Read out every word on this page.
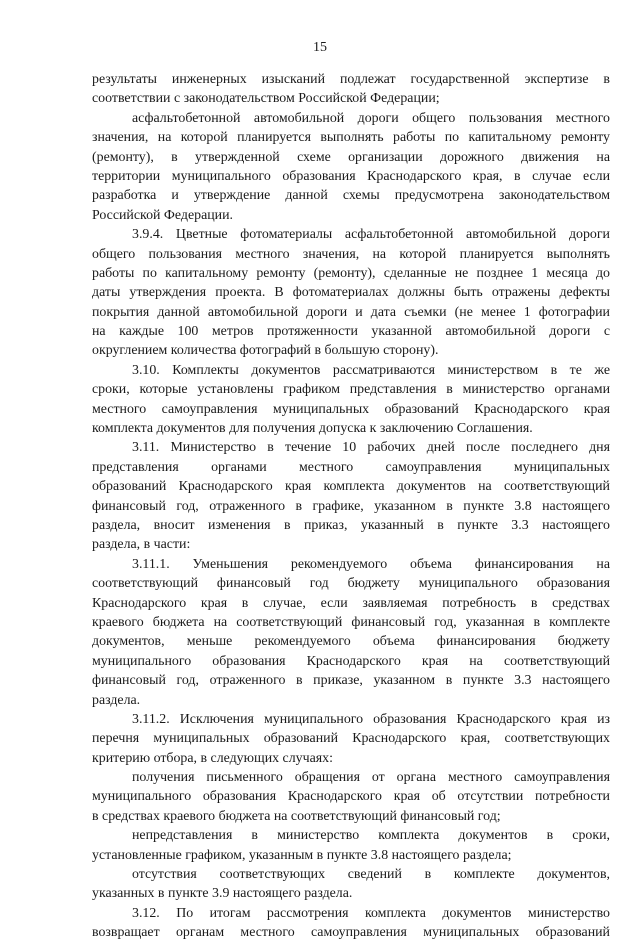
15
результаты инженерных изысканий подлежат государственной экспертизе в
соответствии с законодательством Российской Федерации;
асфальтобетонной автомобильной дороги общего пользования местного
значения, на которой планируется выполнять работы по капитальному ремонту
(ремонту), в утвержденной схеме организации дорожного движения на
территории муниципального образования Краснодарского края, в случае если
разработка и утверждение данной схемы предусмотрена законодательством
Российской Федерации.
3.9.4. Цветные фотоматериалы асфальтобетонной автомобильной дороги
общего пользования местного значения, на которой планируется выполнять
работы по капитальному ремонту (ремонту), сделанные не позднее 1 месяца до
даты утверждения проекта. В фотоматериалах должны быть отражены дефекты
покрытия данной автомобильной дороги и дата съемки (не менее 1 фотографии
на каждые 100 метров протяженности указанной автомобильной дороги с
округлением количества фотографий в большую сторону).
3.10. Комплекты документов рассматриваются министерством в те же
сроки, которые установлены графиком представления в министерство органами
местного самоуправления муниципальных образований Краснодарского края
комплекта документов для получения допуска к заключению Соглашения.
3.11. Министерство в течение 10 рабочих дней после последнего дня
представления органами местного самоуправления муниципальных
образований Краснодарского края комплекта документов на соответствующий
финансовый год, отраженного в графике, указанном в пункте 3.8 настоящего
раздела, вносит изменения в приказ, указанный в пункте 3.3 настоящего
раздела, в части:
3.11.1. Уменьшения рекомендуемого объема финансирования на
соответствующий финансовый год бюджету муниципального образования
Краснодарского края в случае, если заявляемая потребность в средствах
краевого бюджета на соответствующий финансовый год, указанная в комплекте
документов, меньше рекомендуемого объема финансирования бюджету
муниципального образования Краснодарского края на соответствующий
финансовый год, отраженного в приказе, указанном в пункте 3.3 настоящего
раздела.
3.11.2. Исключения муниципального образования Краснодарского края из
перечня муниципальных образований Краснодарского края, соответствующих
критерию отбора, в следующих случаях:
получения письменного обращения от органа местного самоуправления
муниципального образования Краснодарского края об отсутствии потребности
в средствах краевого бюджета на соответствующий финансовый год;
непредставления в министерство комплекта документов в сроки,
установленные графиком, указанным в пункте 3.8 настоящего раздела;
отсутствия соответствующих сведений в комплекте документов,
указанных в пункте 3.9 настоящего раздела.
3.12. По итогам рассмотрения комплекта документов министерство
возвращает органам местного самоуправления муниципальных образований
